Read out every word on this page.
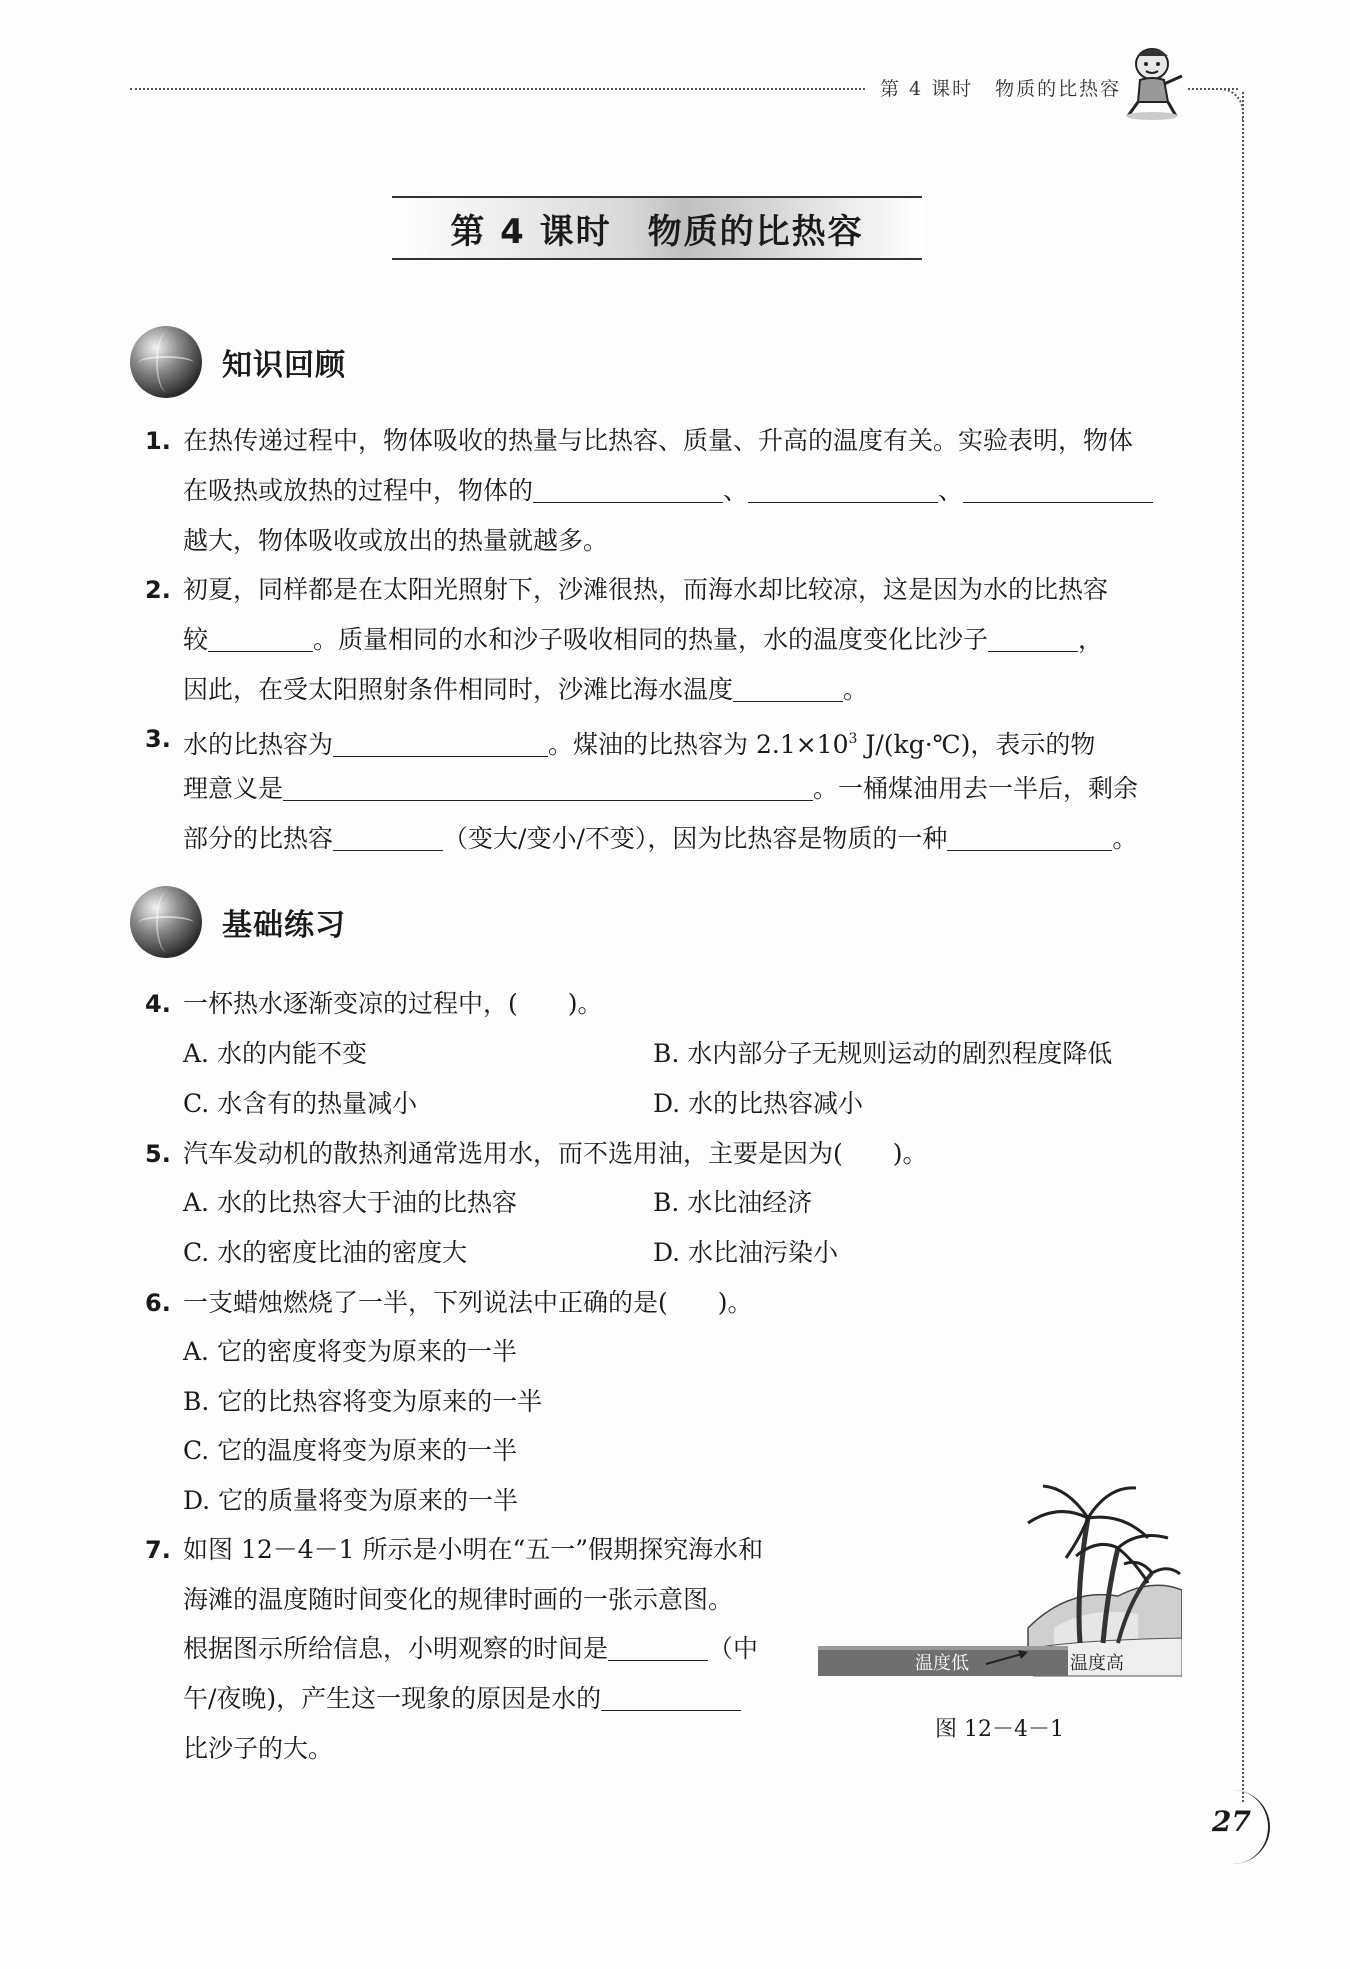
第 4 课时 物质的比热容
第 4 课时 物质的比热容
知识回顾
1. 在热传递过程中，物体吸收的热量与比热容、质量、升高的温度有关。实验表明，物体
在吸热或放热的过程中，物体的	、	、
越大，物体吸收或放出的热量就越多。
2. 初夏，同样都是在太阳光照射下，沙滩很热，而海水却比较凉，这是因为水的比热容
较	。质量相同的水和沙子吸收相同的热量，水的温度变化比沙子	，
因此，在受太阳照射条件相同时，沙滩比海水温度	。
3. 水的比热容为	。煤油的比热容为 $2.1\times 10^3$ J/(kg·℃)，表示的物
理意义是	。一桶煤油用去一半后，剩余
部分的比热容	（变大/变小/不变），因为比热容是物质的一种	。
基础练习
4. 一杯热水逐渐变凉的过程中，(　　)。
A. 水的内能不变	B. 水内部分子无规则运动的剧烈程度降低
C. 水含有的热量减小	D. 水的比热容减小
5. 汽车发动机的散热剂通常选用水，而不选用油，主要是因为(　　)。
A. 水的比热容大于油的比热容	B. 水比油经济
C. 水的密度比油的密度大	D. 水比油污染小
6. 一支蜡烛燃烧了一半，下列说法中正确的是(　　)。
A. 它的密度将变为原来的一半
B. 它的比热容将变为原来的一半
C. 它的温度将变为原来的一半
D. 它的质量将变为原来的一半
7. 如图 12－4－1 所示是小明在“五一”假期探究海水和
海滩的温度随时间变化的规律时画的一张示意图。
根据图示所给信息，小明观察的时间是	（中
午/夜晚)，产生这一现象的原因是水的
比沙子的大。
温度低	温度高
图 12－4－1
27
